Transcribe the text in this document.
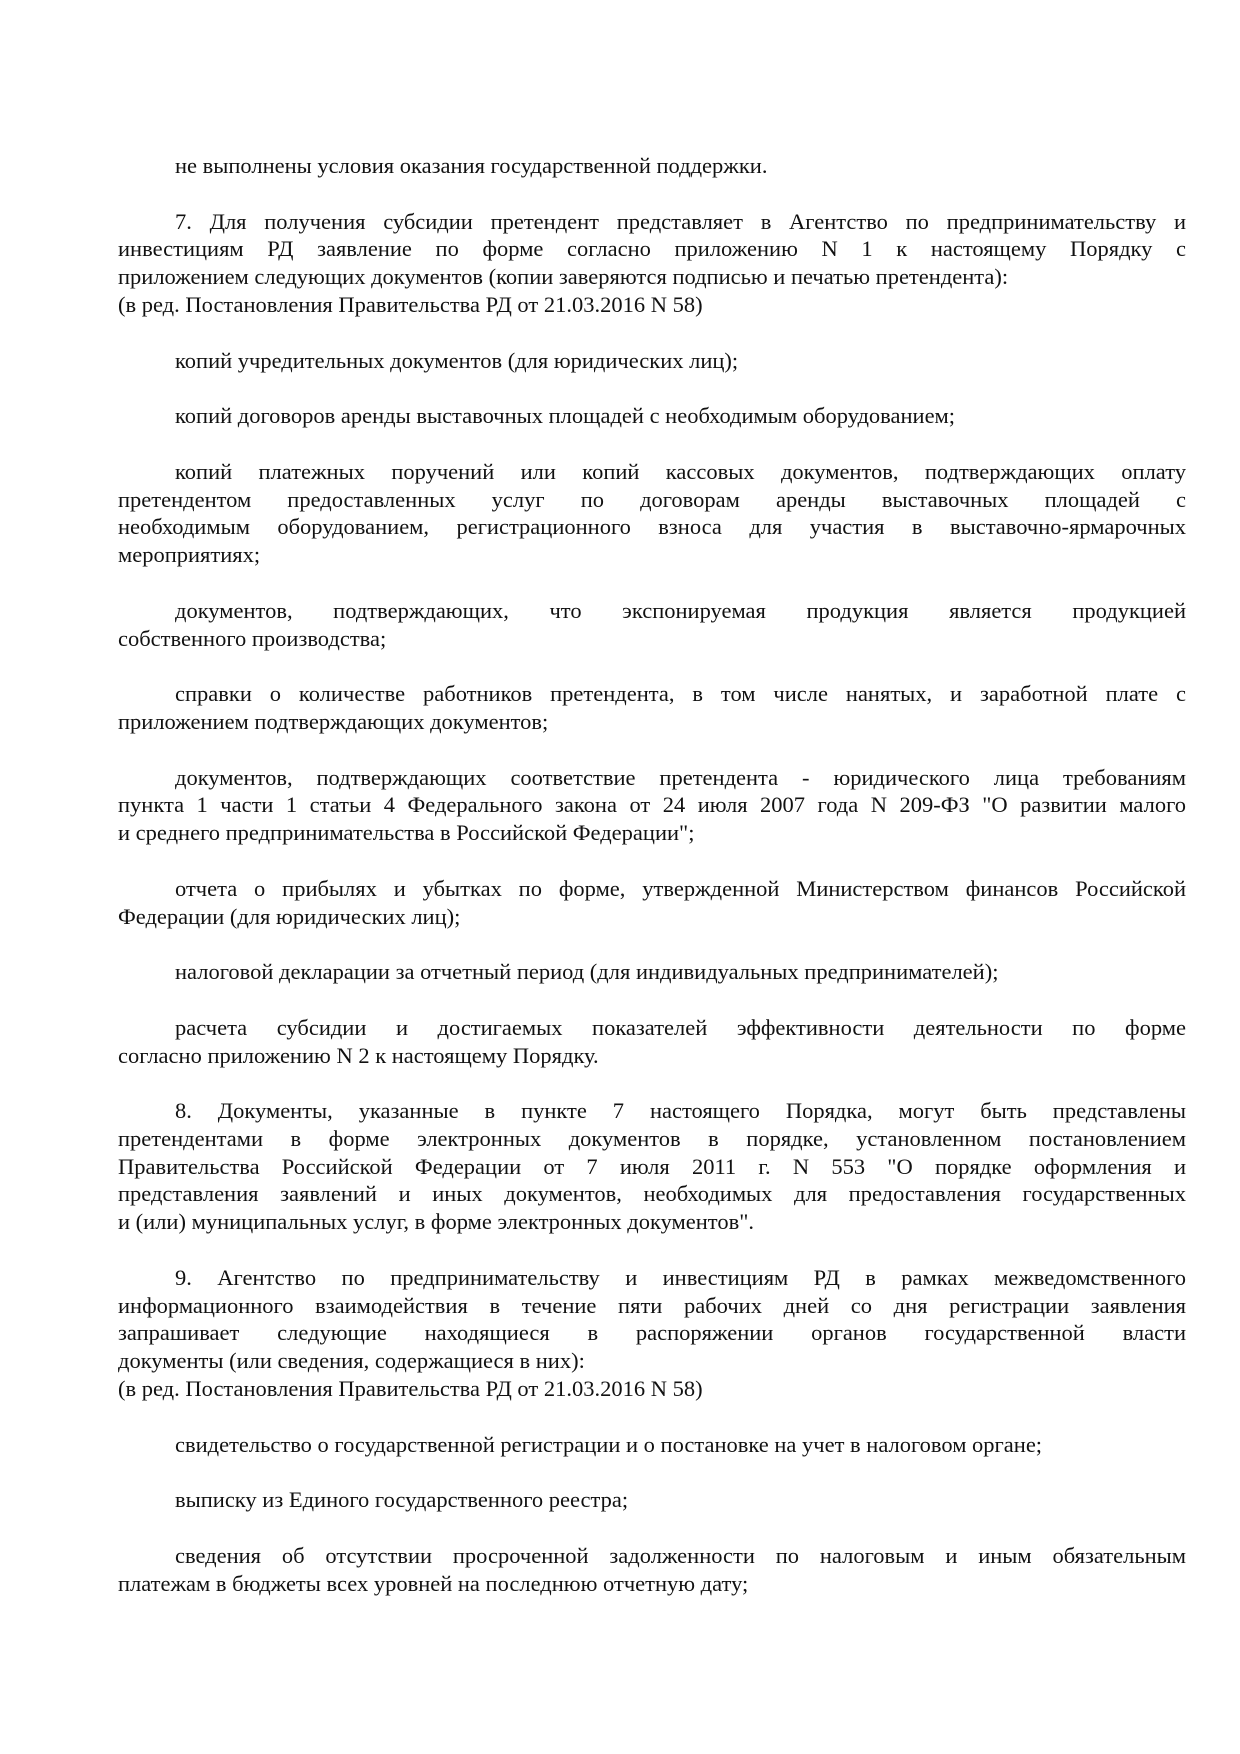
не выполнены условия оказания государственной поддержки.
7. Для получения субсидии претендент представляет в Агентство по предпринимательству и
инвестициям РД заявление по форме согласно приложению N 1 к настоящему Порядку с
приложением следующих документов (копии заверяются подписью и печатью претендента):
(в ред. Постановления Правительства РД от 21.03.2016 N 58)
копий учредительных документов (для юридических лиц);
копий договоров аренды выставочных площадей с необходимым оборудованием;
копий платежных поручений или копий кассовых документов, подтверждающих оплату
претендентом предоставленных услуг по договорам аренды выставочных площадей с
необходимым оборудованием, регистрационного взноса для участия в выставочно-ярмарочных
мероприятиях;
документов, подтверждающих, что экспонируемая продукция является продукцией
собственного производства;
справки о количестве работников претендента, в том числе нанятых, и заработной плате с
приложением подтверждающих документов;
документов, подтверждающих соответствие претендента - юридического лица требованиям
пункта 1 части 1 статьи 4 Федерального закона от 24 июля 2007 года N 209-ФЗ "О развитии малого
и среднего предпринимательства в Российской Федерации";
отчета о прибылях и убытках по форме, утвержденной Министерством финансов Российской
Федерации (для юридических лиц);
налоговой декларации за отчетный период (для индивидуальных предпринимателей);
расчета субсидии и достигаемых показателей эффективности деятельности по форме
согласно приложению N 2 к настоящему Порядку.
8. Документы, указанные в пункте 7 настоящего Порядка, могут быть представлены
претендентами в форме электронных документов в порядке, установленном постановлением
Правительства Российской Федерации от 7 июля 2011 г. N 553 "О порядке оформления и
представления заявлений и иных документов, необходимых для предоставления государственных
и (или) муниципальных услуг, в форме электронных документов".
9. Агентство по предпринимательству и инвестициям РД в рамках межведомственного
информационного взаимодействия в течение пяти рабочих дней со дня регистрации заявления
запрашивает следующие находящиеся в распоряжении органов государственной власти
документы (или сведения, содержащиеся в них):
(в ред. Постановления Правительства РД от 21.03.2016 N 58)
свидетельство о государственной регистрации и о постановке на учет в налоговом органе;
выписку из Единого государственного реестра;
сведения об отсутствии просроченной задолженности по налоговым и иным обязательным
платежам в бюджеты всех уровней на последнюю отчетную дату;
